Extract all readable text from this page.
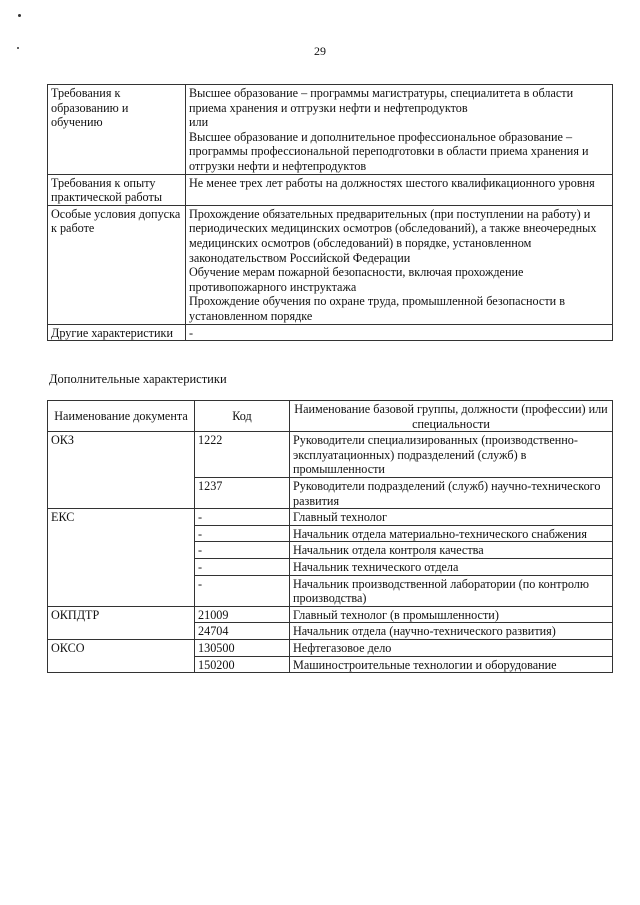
29
Требования к образованию и обучению	Высшее образование – программы магистратуры, специалитета в области приема хранения и отгрузки нефти и нефтепродуктов

или

Высшее образование и дополнительное профессиональное образование – программы профессиональной переподготовки в области приема хранения и отгрузки нефти и нефтепродуктов

Требования к опыту практической работы	Не менее трех лет работы на должностях шестого квалификационного уровня

Особые условия допуска к работе	Прохождение обязательных предварительных (при поступлении на работу) и периодических медицинских осмотров (обследований), а также внеочередных медицинских осмотров (обследований) в порядке, установленном законодательством Российской Федерации

Обучение мерам пожарной безопасности, включая прохождение противопожарного инструктажа

Прохождение обучения по охране труда, промышленной безопасности в установленном порядке

Другие характеристики	-

Дополнительные характеристики
Наименование документа	Код	Наименование базовой группы, должности (профессии) или специальности
ОКЗ	1222	Руководители специализированных (производственно-эксплуатационных) подразделений (служб) в промышленности
	1237	Руководители подразделений (служб) научно-технического развития
ЕКС	-	Главный технолог
	-	Начальник отдела материально-технического снабжения
	-	Начальник отдела контроля качества
	-	Начальник технического отдела
	-	Начальник производственной лаборатории (по контролю производства)
ОКПДТР	21009	Главный технолог (в промышленности)
	24704	Начальник отдела (научно-технического развития)
ОКСО	130500	Нефтегазовое дело
	150200	Машиностроительные технологии и оборудование
